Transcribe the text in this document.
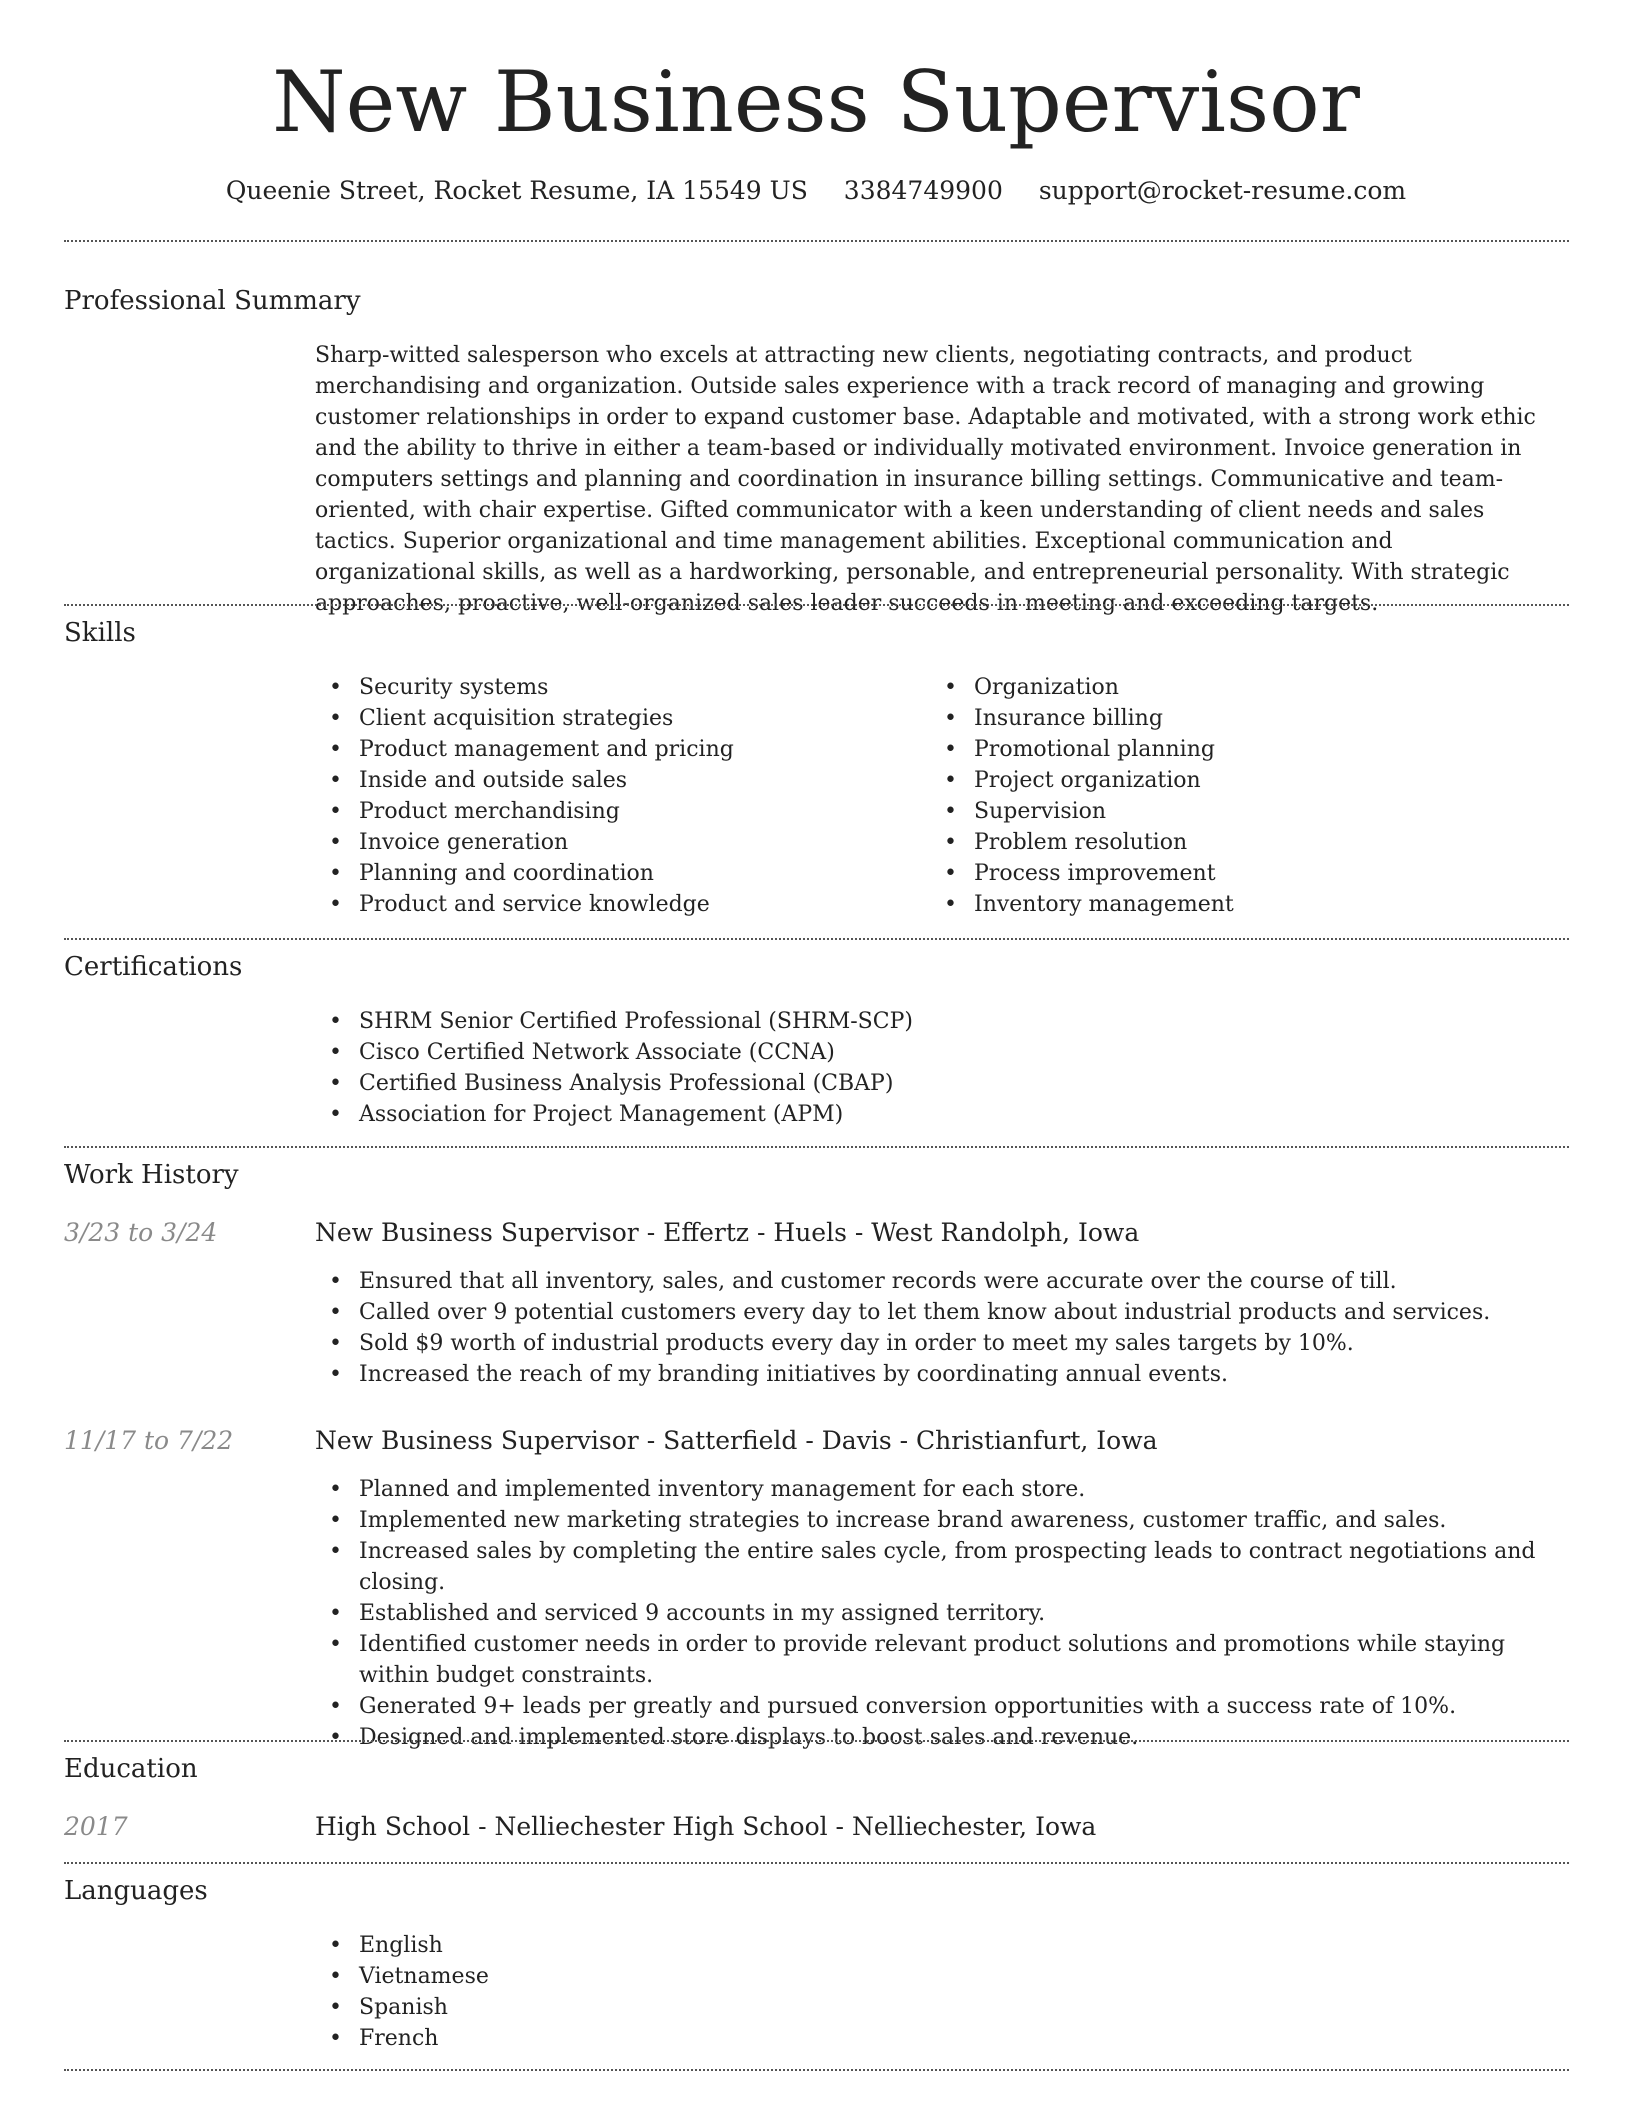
New Business Supervisor
Queenie Street, Rocket Resume, IA 15549 US 3384749900 support@rocket-resume.com
Professional Summary

Sharp-witted salesperson who excels at attracting new clients, negotiating contracts, and product merchandising and organization. Outside sales experience with a track record of managing and growing customer relationships in order to expand customer base. Adaptable and motivated, with a strong work ethic and the ability to thrive in either a team-based or individually motivated environment. Invoice generation in computers settings and planning and coordination in insurance billing settings. Communicative and team-oriented, with chair expertise. Gifted communicator with a keen understanding of client needs and sales tactics. Superior organizational and time management abilities. Exceptional communication and organizational skills, as well as a hardworking, personable, and entrepreneurial personality. With strategic approaches, proactive, well-organized sales leader succeeds in meeting and exceeding targets.

Skills
• Security systems
• Client acquisition strategies
• Product management and pricing
• Inside and outside sales
• Product merchandising
• Invoice generation
• Planning and coordination
• Product and service knowledge
• Organization
• Insurance billing
• Promotional planning
• Project organization
• Supervision
• Problem resolution
• Process improvement
• Inventory management
Certifications
• SHRM Senior Certified Professional (SHRM-SCP)
• Cisco Certified Network Associate (CCNA)
• Certified Business Analysis Professional (CBAP)
• Association for Project Management (APM)
Work History
3/23 to 3/24	New Business Supervisor - Effertz - Huels - West Randolph, Iowa
• Ensured that all inventory, sales, and customer records were accurate over the course of till.
• Called over 9 potential customers every day to let them know about industrial products and services.
• Sold $9 worth of industrial products every day in order to meet my sales targets by 10%.
• Increased the reach of my branding initiatives by coordinating annual events.
11/17 to 7/22	New Business Supervisor - Satterfield - Davis - Christianfurt, Iowa
• Planned and implemented inventory management for each store.
• Implemented new marketing strategies to increase brand awareness, customer traffic, and sales.
• Increased sales by completing the entire sales cycle, from prospecting leads to contract negotiations and closing.
• Established and serviced 9 accounts in my assigned territory.
• Identified customer needs in order to provide relevant product solutions and promotions while staying within budget constraints.
• Generated 9+ leads per greatly and pursued conversion opportunities with a success rate of 10%.
• Designed and implemented store displays to boost sales and revenue.
Education
2017	High School - Nelliechester High School - Nelliechester, Iowa
Languages
• English
• Vietnamese
• Spanish
• French
